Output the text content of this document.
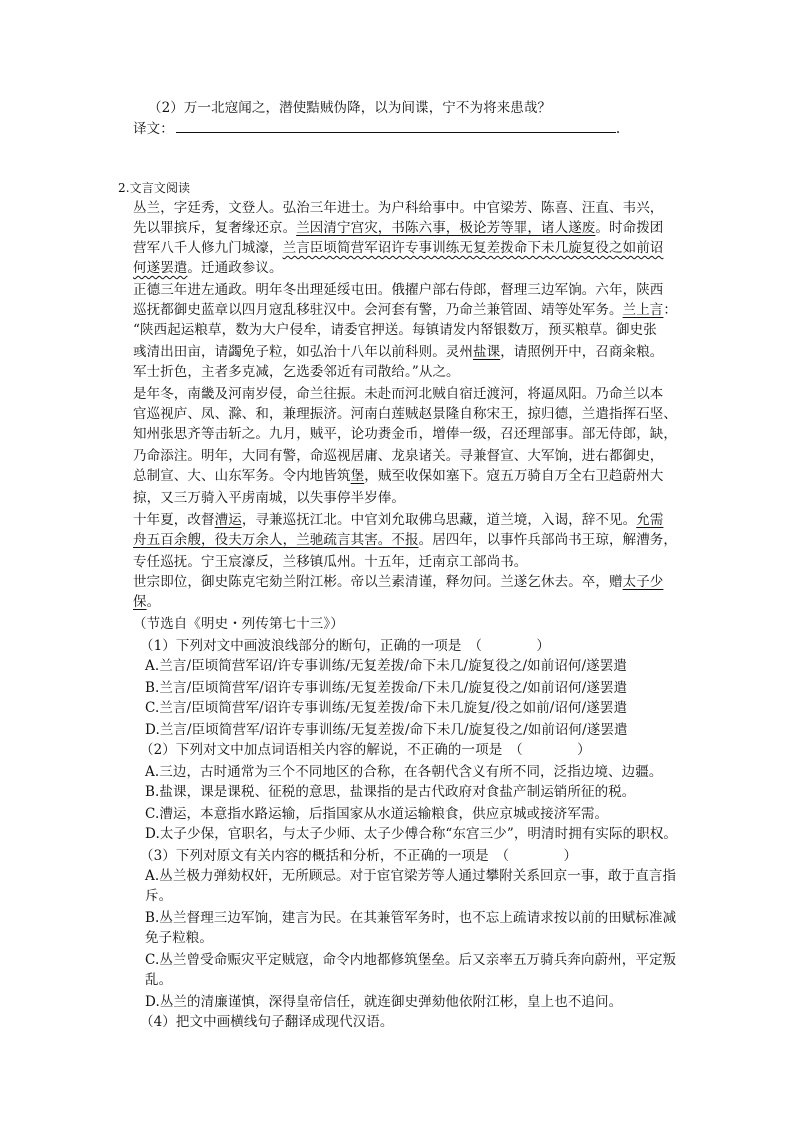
（2）万一北寇闻之，潜使黠贼伪降，以为间谍，宁不为将来患哉？
译文：	.
2.文言文阅读
丛兰，字廷秀，文登人。弘治三年进士。为户科给事中。中官梁芳、陈喜、汪直、韦兴，
先以罪摈斥，复奢缘还京。兰因清宁宫灾，书陈六事，极论芳等罪，诸人遂废。时命拨团
营军八千人修九门城濠，兰言臣顷简营军诏许专事训练无复差拨命下未几旋复役之如前诏
何遂罢遣。迁通政参议。
正德三年进左通政。明年冬出理延绥屯田。俄擢户部右侍郎，督理三边军饷。六年，陕西
巡抚都御史蓝章以四月寇乱移驻汉中。会河套有警，乃命兰兼管固、靖等处军务。兰上言：
“陕西起运粮草，数为大户侵牟，请委官押送。每镇请发内帑银数万，预买粮草。御史张
彧清出田亩，请蠲免子粒，如弘治十八年以前科则。灵州盐课，请照例开中，召商籴粮。
军士折色，主者多克减，乞选委邻近有司散给。”从之。
是年冬，南畿及河南岁侵，命兰往振。未赴而河北贼自宿迁渡河，将逼凤阳。乃命兰以本
官巡视庐、凤、滁、和，兼理振济。河南白莲贼赵景隆自称宋王，掠归德，兰遣指挥石坚、
知州张思齐等击斩之。九月，贼平，论功赉金币，增俸一级，召还理部事。部无侍郎，缺，
乃命添注。明年，大同有警，命巡视居庸、龙泉诸关。寻兼督宣、大军饷，进右都御史，
总制宣、大、山东军务。令内地皆筑堡，贼至收保如塞下。寇五万骑自万全右卫趋蔚州大
掠，又三万骑入平虏南城，以失事停半岁俸。
十年夏，改督漕运，寻兼巡抚江北。中官刘允取佛乌思藏，道兰境，入谒，辞不见。允需
舟五百余艘，役夫万余人，兰驰疏言其害。不报。居四年，以事忤兵部尚书王琼，解漕务，
专任巡抚。宁王宸濠反，兰移镇瓜州。十五年，迁南京工部尚书。
世宗即位，御史陈克宅劾兰附江彬。帝以兰素清谨，释勿问。兰遂乞休去。卒，赠太子少
保。
（节选自《明史・列传第七十三》）
（1）下列对文中画波浪线部分的断句，正确的一项是　（　　　　）
A.兰言/臣顷简营军诏/许专事训练/无复差拨/命下未几/旋复役之/如前诏何/遂罢遣
B.兰言/臣顷简营军/诏许专事训练/无复差拨命/下未几/旋复役之/如前诏何/遂罢遣
C.兰言/臣顷简营军/诏许专事训练/无复差拨/命下未几旋复/役之如前/诏何/遂罢遣
D.兰言/臣顷简营军/诏许专事训练/无复差拨/命下未几/旋复役之/如前诏何/遂罢遣
（2）下列对文中加点词语相关内容的解说，不正确的一项是　（　　　　）
A.三边，古时通常为三个不同地区的合称，在各朝代含义有所不同，泛指边境、边疆。
B.盐课，课是课税、征税的意思，盐课指的是古代政府对食盐产制运销所征的税。
C.漕运，本意指水路运输，后指国家从水道运输粮食，供应京城或接济军需。
D.太子少保，官职名，与太子少师、太子少傅合称“东宫三少”，明清时拥有实际的职权。
（3）下列对原文有关内容的概括和分析，不正确的一项是　（　　　　）
A.丛兰极力弹劾权奸，无所顾忌。对于宦官梁芳等人通过攀附关系回京一事，敢于直言指
斥。
B.丛兰督理三边军饷，建言为民。在其兼管军务时，也不忘上疏请求按以前的田赋标准减
免子粒粮。
C.丛兰曾受命赈灾平定贼寇，命令内地都修筑堡垒。后又亲率五万骑兵奔向蔚州，平定叛
乱。
D.丛兰的清廉谨慎，深得皇帝信任，就连御史弹劾他依附江彬，皇上也不追问。
（4）把文中画横线句子翻译成现代汉语。
